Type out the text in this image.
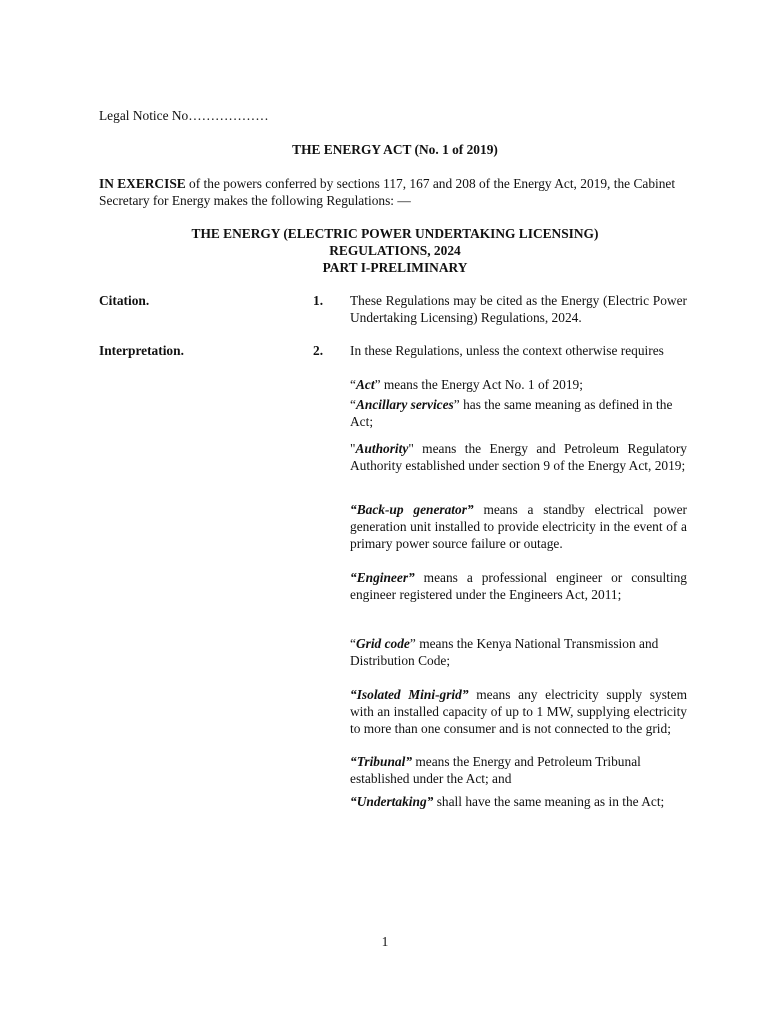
Legal Notice No………………
THE ENERGY ACT (No. 1 of 2019)
IN EXERCISE of the powers conferred by sections 117, 167 and 208 of the Energy Act, 2019, the Cabinet Secretary for Energy makes the following Regulations: —
THE ENERGY (ELECTRIC POWER UNDERTAKING LICENSING)
REGULATIONS, 2024
PART I-PRELIMINARY
Citation.	1. These Regulations may be cited as the Energy (Electric Power Undertaking Licensing) Regulations, 2024.
Interpretation.	2. In these Regulations, unless the context otherwise requires
“Act” means the Energy Act No. 1 of 2019;
“Ancillary services” has the same meaning as defined in the Act;
"Authority" means the Energy and Petroleum Regulatory Authority established under section 9 of the Energy Act, 2019;
“Back-up generator” means a standby electrical power generation unit installed to provide electricity in the event of a primary power source failure or outage.
“Engineer” means a professional engineer or consulting engineer registered under the Engineers Act, 2011;
“Grid code” means the Kenya National Transmission and Distribution Code;
“Isolated Mini-grid” means any electricity supply system with an installed capacity of up to 1 MW, supplying electricity to more than one consumer and is not connected to the grid;
“Tribunal” means the Energy and Petroleum Tribunal established under the Act; and
“Undertaking” shall have the same meaning as in the Act;
1
